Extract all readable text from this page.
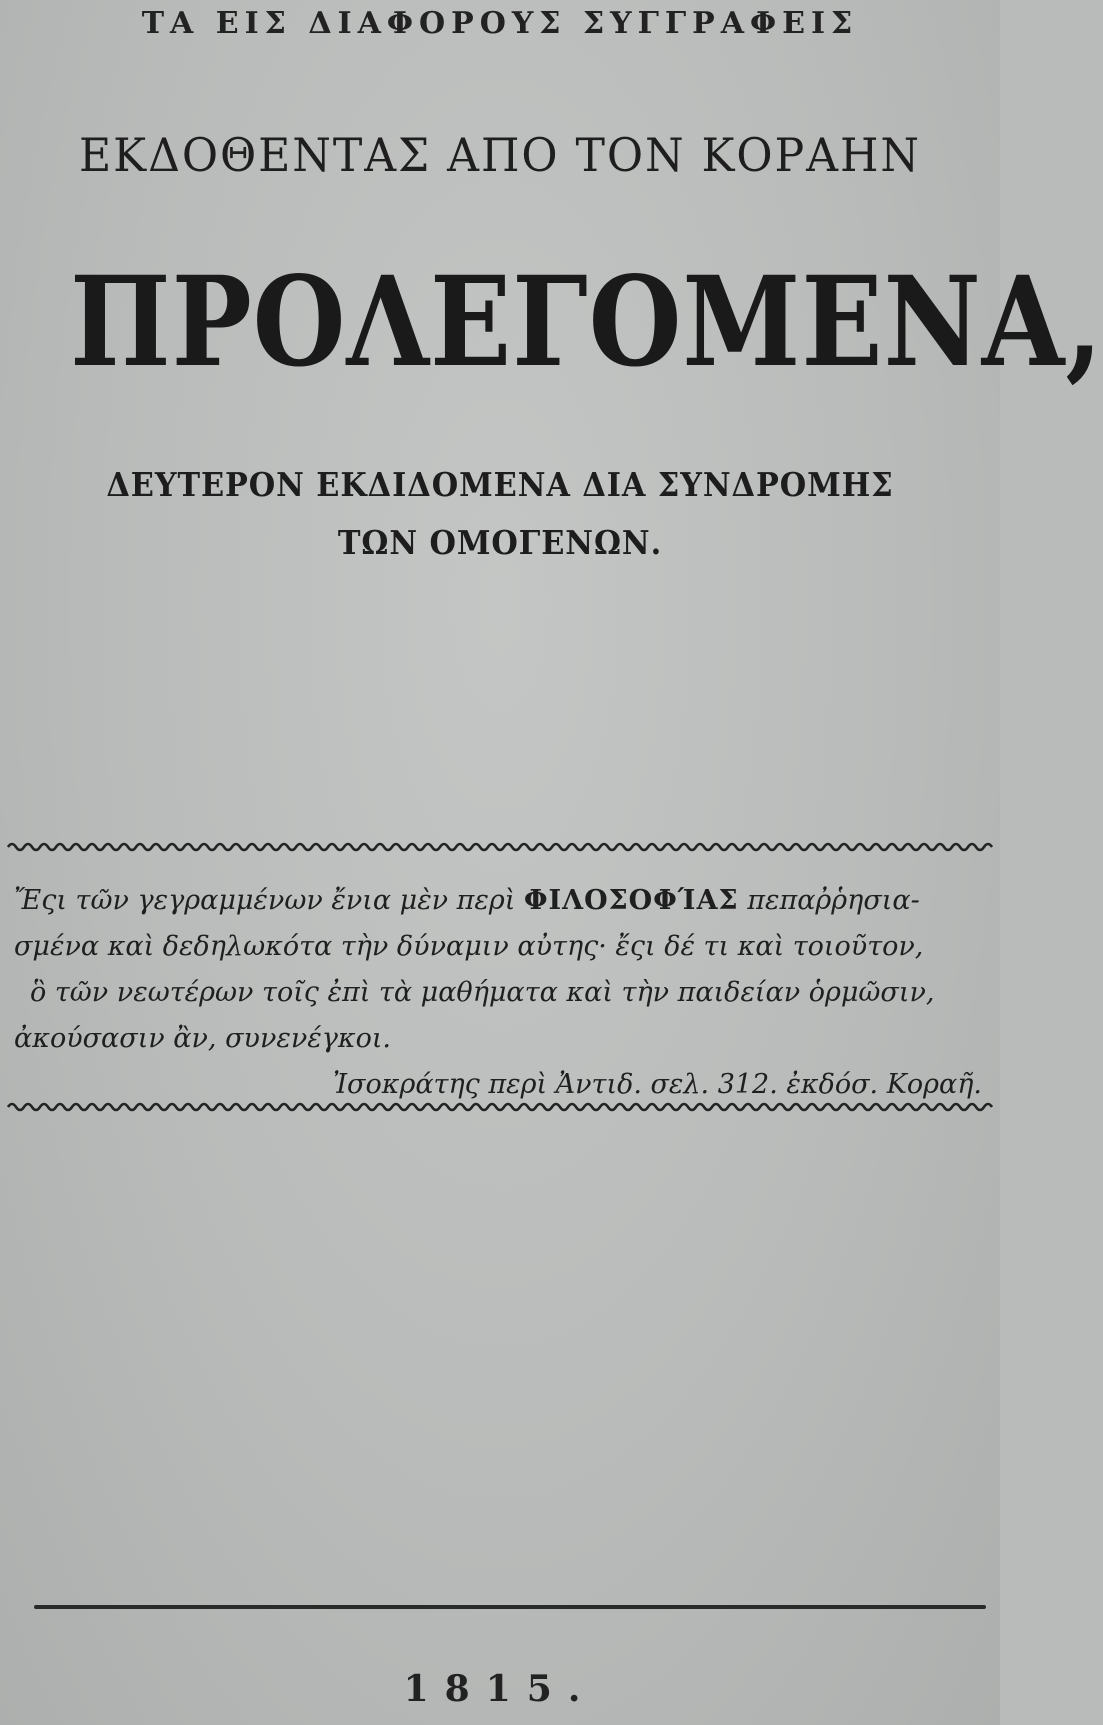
ΤΑ ΕΙΣ ΔΙΑΦΟΡΟΥΣ ΣΥΓΓΡΑΦΕΙΣ
ΕΚΔΟΘΕΝΤΑΣ ΑΠΟ ΤΟΝ ΚΟΡΑΗΝ
ΠΡΟΛΕΓΟΜΕΝΑ,
ΔΕΥΤΕΡΟΝ ΕΚΔΙΔΟΜΕΝΑ ΔΙΑ ΣΥΝΔΡΟΜΗΣ
ΤΩΝ ΟΜΟΓΕΝΩΝ.
Ἔςι τῶν γεγραμμένων ἔνια μὲν περὶ ΦΙΛΟΣΟΦΊΑΣ πεπαῤῥησια-
σμένα καὶ δεδηλωκότα τὴν δύναμιν αὐτης· ἔςι δέ τι καὶ τοιοῦτον,
ὃ τῶν νεωτέρων τοῖς ἐπὶ τὰ μαθήματα καὶ τὴν παιδείαν ὁρμῶσιν,
ἀκούσασιν ἂν, συνενέγκοι.
Ἰσοκράτης περὶ Ἀντιδ. σελ. 312. ἐκδόσ. Κοραῆ.
1815.
